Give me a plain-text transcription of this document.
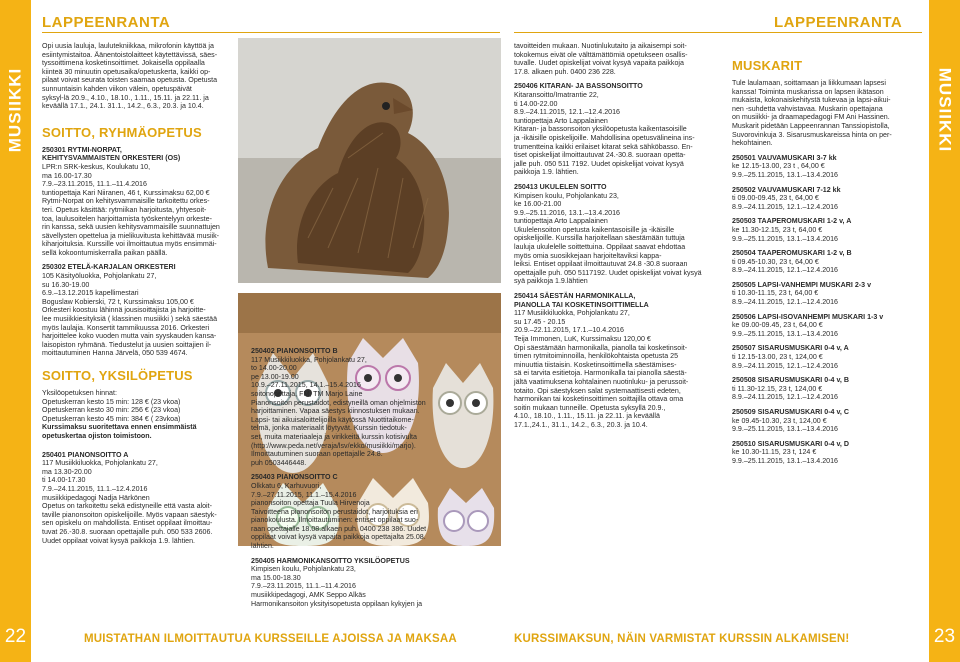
MUSIIKKI
22
MUSIIKKI
23
LAPPEENRANTA	LAPPEENRANTA

Opi uusia lauluja, laulutekniikkaa, mikrofonin käyttöä ja
esiintymistaitoa. Äänentoistolaitteet käytettävissä, säes-
tyssoittimena kosketinsoittimet. Jokaisella oppilaalla
kiinteä 30 minuutin opetusaika/opetuskerta, kaikki op-
pilaat voivat seurata toisten saamaa opetusta. Opetusta
sunnuntaisin kahden viikon välein, opetuspäivät
syksyl-lä 20.9., 4.10., 18.10., 1.11., 15.11. ja 22.11. ja
keväällä 17.1., 24.1. 31.1., 14.2., 6.3., 20.3. ja 10.4.

SOITTO, RYHMÄOPETUS

250301 RYTMI-NORPAT,
KEHITYSVAMMAISTEN ORKESTERI (OS)
LPR:n SRK-keskus, Koulukatu 10,
ma 16.00-17.30
7.9.–23.11.2015, 11.1.–11.4.2016
tuntiopettaja Kari Niiranen, 46 t, Kurssimaksu 62,00 €
Rytmi-Norpat on kehitysvammaisille tarkoitettu orkes-
teri. Opetus käsittää: rytmiikan harjoitusta, yhtyesoit-
toa, laulusoitelen harjoittamista työskentelyyn orkeste-
rin kanssa, sekä uusien kehitysvammaisille suunnattujen
sävellysten opettelua ja mielikuvitusta kehittävää musiik-
kiharjoituksia. Kurssille voi ilmoittautua myös ensimmäi-
sellä kokoontumiskerralla paikan päällä.

250302 ETELÄ-KARJALAN ORKESTERI
105 Käsityöluokka, Pohjolankatu 27,
su 16.30-19.00
6.9.–13.12.2015 kapellimestari
Boguslaw Kobierski, 72 t, Kurssimaksu 105,00 €
Orkesteri koostuu lähinnä jousisoittajista ja harjoitte-
lee musiikkiesityksiä ( klassinen musiikki ) sekä säestää
myös laulajia. Konsertit tammikuussa 2016. Orkesteri
harjoittelee koko vuoden mutta vain syyskauden kansa-
laisopiston ryhmänä. Tiedustelut ja uusien soittajien il-
moittautuminen Hanna Järvelä, 050 539 4674.

SOITTO, YKSILÖPETUS

Yksilöopetuksen hinnat:
Opetuskerran kesto 15 min: 128 € (23 vkoa)
Opetuskerran kesto 30 min: 256 € (23 vkoa)
Opetuskerran kesto 45 min: 384 € ( 23vkoa)
Kurssimaksu suoritettava ennen ensimmäistä
opetuskertaa ojiston toimistoon.

250401 PIANONSOITTO A
117 Musiikkiluokka, Pohjolankatu 27,
ma 13.30-20.00
ti 14.00-17.30
7.9.–24.11.2015, 11.1.–12.4.2016
musiikkipedagogi Nadja Härkönen
Opetus on tarkoitettu sekä edistyneille että vasta aloit-
taville pianonsoiton opiskelijoille. Myös vapaan säestyk-
sen opiskelu on mahdollista. Entiset oppilaat ilmoittau-
tuvat 26.-30.8. suoraan opettajalle puh. 050 533 2606.
Uudet oppilaat voivat kysyä paikkoja 1.9. lähtien.

250402 PIANONSOITTO B
117 Musiikkiluokka, Pohjolankatu 27,
to 14.00-20.00
pe 13.00-19.00
10.9.–27.11.2015, 14.1.–15.4.2016
soitonopettaja, FM, TM Marjo Laine
Pianonsoiton perustaidot, edistyneillä oman ohjelmiston
harjoittaminen. Vapaa säestys kiinnostuksen mukaan.
Lapsi- tai aikuisaloittelijoilla käytössä Nuottitaikome-
telmä, jonka materiaalit löytyvät. Kurssin tiedotuk-
set, muita materiaaleja ja virikkeitä kurssin kotisivulta
(http://www.peda.net/veraja/lsv/ekko/musiikki/marjo).
Ilmoittautuminen suoraan opettajalle 24.8.
puh 0503446448.

250403 PIANONSOITTO C
Olkkatu 6, Karhuvuori,
7.9.–27.11.2015, 11.1.–15.4.2016
pianonsoiton opettaja Tuula Hirvenoja
Taivoitteena pianonsoiton perustaidot, harjoituksia eri
pianokoulusta. Ilmoittautuminen: entiset oppilaat suo-
raan opettajalle 18.08.alkaen puh. 0400 238 386. Uudet
oppilaat voivat kysyä vapaita paikkoja opettajalta 25.08.
lähtien.

250405 HARMONIKANSOITTO YKSILÖOPETUS
Kimpisen koulu, Pohjolankatu 23,
ma 15.00-18.30
7.9.–23.11.2015, 11.1.–11.4.2016
musiikkipedagogi, AMK Seppo Alkäs
Harmonikansoiton yksityisopetusta oppilaan kykyjen ja

tavoitteiden mukaan. Nuotinlukutaito ja aikaisempi soit-
tokokemus eivät ole välttämättömiä opetukseen osallis-
tuvalle. Uudet opiskelijat voivat kysyä vapaita paikkoja
17.8. alkaen puh. 0400 236 228.

250406 KITARAN- JA BASSONSOITTO
Kitaransoitto/Imatrantie 22,
ti 14.00-22.00
8.9.–24.11.2015, 12.1.–12.4.2016
tuntiopettaja Arto Lappalainen
Kitaran- ja bassonsoiton yksilöopetusta kaikentasoisille
ja -ikäisille opiskelijoille. Mahdollisina opetusvälineina ins-
trumentteina kaikki erilaiset kitarat sekä sähköbasso. En-
tiset opiskelijat ilmoittautuvat 24.-30.8. suoraan opetta-
jalle puh. 050 511 7192. Uudet opiskelijat voivat kysyä
paikkoja 1.9. lähtien.

250413 UKULELEN SOITTO
Kimpisen koulu, Pohjolankatu 23,
ke 16.00-21.00
9.9.–25.11.2016, 13.1.–13.4.2016
tuntiopettaja Arto Lappalainen
Ukulelensoiton opetusta kaikentasoisille ja -ikäisille
opiskelijoille. Kurssilla harjoitellaan säestämään tuttuja
lauluja ukulelelle soittettuina. Oppilaat saavat ehdottaa
myös omia suosikkejaan harjoiteltaviksi kappa-
leiksi. Entiset oppilaat ilmoittautuvat 24.8 -30.8 suoraan
opettajalle puh. 050 5117192. Uudet opiskelijat voivat kysyä
syä paikkoja 1.9.lähtien

250414 SÄESTÄN HARMONIKALLA,
PIANOLLA TAI KOSKETINSOITTIMELLA
117 Musiikkiluokka, Pohjolankatu 27,
su 17.45 - 20.15
20.9.–22.11.2015, 17.1.–10.4.2016
Teija Immonen, LuK, Kurssimaksu 120,00 €
Opi säestämään harmonikalla, pianolla tai kosketinsoit-
timen rytmitoiminnoilla, henkilökohtaista opetusta 25
minuuttia tiistaisin. Kosketinsoittimella säestämises-
sä ei tarvita esitietoja. Harmonikalla tai pianolla säestä-
jältä vaatimuksena kohtalainen nuotinluku- ja perussoit-
totaito. Opi säestyksen salat systemaattisesti edeten,
harmonikan tai kosketinsoittimen soittajilla ottava oma
soitin mukaan tunneille. Opetusta syksyllä 20.9.,
4.10., 18.10., 1.11., 15.11. ja 22.11. ja keväällä
17.1.,24.1., 31.1., 14.2., 6.3., 20.3. ja 10.4.

MUSKARIT

Tule laulamaan, soittamaan ja liikkumaan lapsesi
kanssa! Toiminta muskarissa on lapsen ikätason
mukaista, kokonaiskehitystä tukevaa ja lapsi-aikui-
nen -suhdetta vahvistavaa. Muskarin opettajana
on musiikki- ja draamapedagogi FM Ani Hassinen.
Muskarit pidetään Lappeenrannan Tanssiopistolla,
Suvorovinkuja 3. Sisarusmuskareissa hinta on per-
hekohtainen.

250501 VAUVAMUSKARI 3-7 kk
ke 12.15-13.00, 23 t , 64,00 €
9.9.–25.11.2015, 13.1.–13.4.2016

250502 VAUVAMUSKARI 7-12 kk
ti 09.00-09.45, 23 t, 64,00 €
8.9.–24.11.2015, 12.1.–12.4.2016

250503 TAAPEROMUSKARI 1-2 v, A
ke 11.30-12.15, 23 t, 64,00 €
9.9.–25.11.2015, 13.1.–13.4.2016

250504 TAAPEROMUSKARI 1-2 v, B
ti 09.45-10.30, 23 t, 64,00 €
8.9.–24.11.2015, 12.1.–12.4.2016

250505 LAPSI-VANHEMPI MUSKARI 2-3 v
ti 10.30-11.15, 23 t, 64,00 €
8.9.–24.11.2015, 12.1.–12.4.2016

250506 LAPSI-ISOVANHEMPI MUSKARI 1-3 v
ke 09.00-09.45, 23 t, 64,00 €
9.9.–25.11.2015, 13.1.–13.4.2016

250507 SISARUSMUSKARI 0-4 v, A
ti 12.15-13.00, 23 t, 124,00 €
8.9.–24.11.2015, 12.1.–12.4.2016

250508 SISARUSMUSKARI 0-4 v, B
ti 11.30-12.15, 23 t, 124,00 €
8.9.–24.11.2015, 12.1.–12.4.2016

250509 SISARUSMUSKARI 0-4 v, C
ke 09.45-10.30, 23 t, 124,00 €
9.9.–25.11.2015, 13.1.–13.4.2016

250510 SISARUSMUSKARI 0-4 v, D
ke 10.30-11.15, 23 t, 124 €
9.9.–25.11.2015, 13.1.–13.4.2016

MUISTATHAN ILMOITTAUTUA KURSSEILLE AJOISSA JA MAKSAA	KURSSIMAKSUN, NÄIN VARMISTAT KURSSIN ALKAMISEN!
